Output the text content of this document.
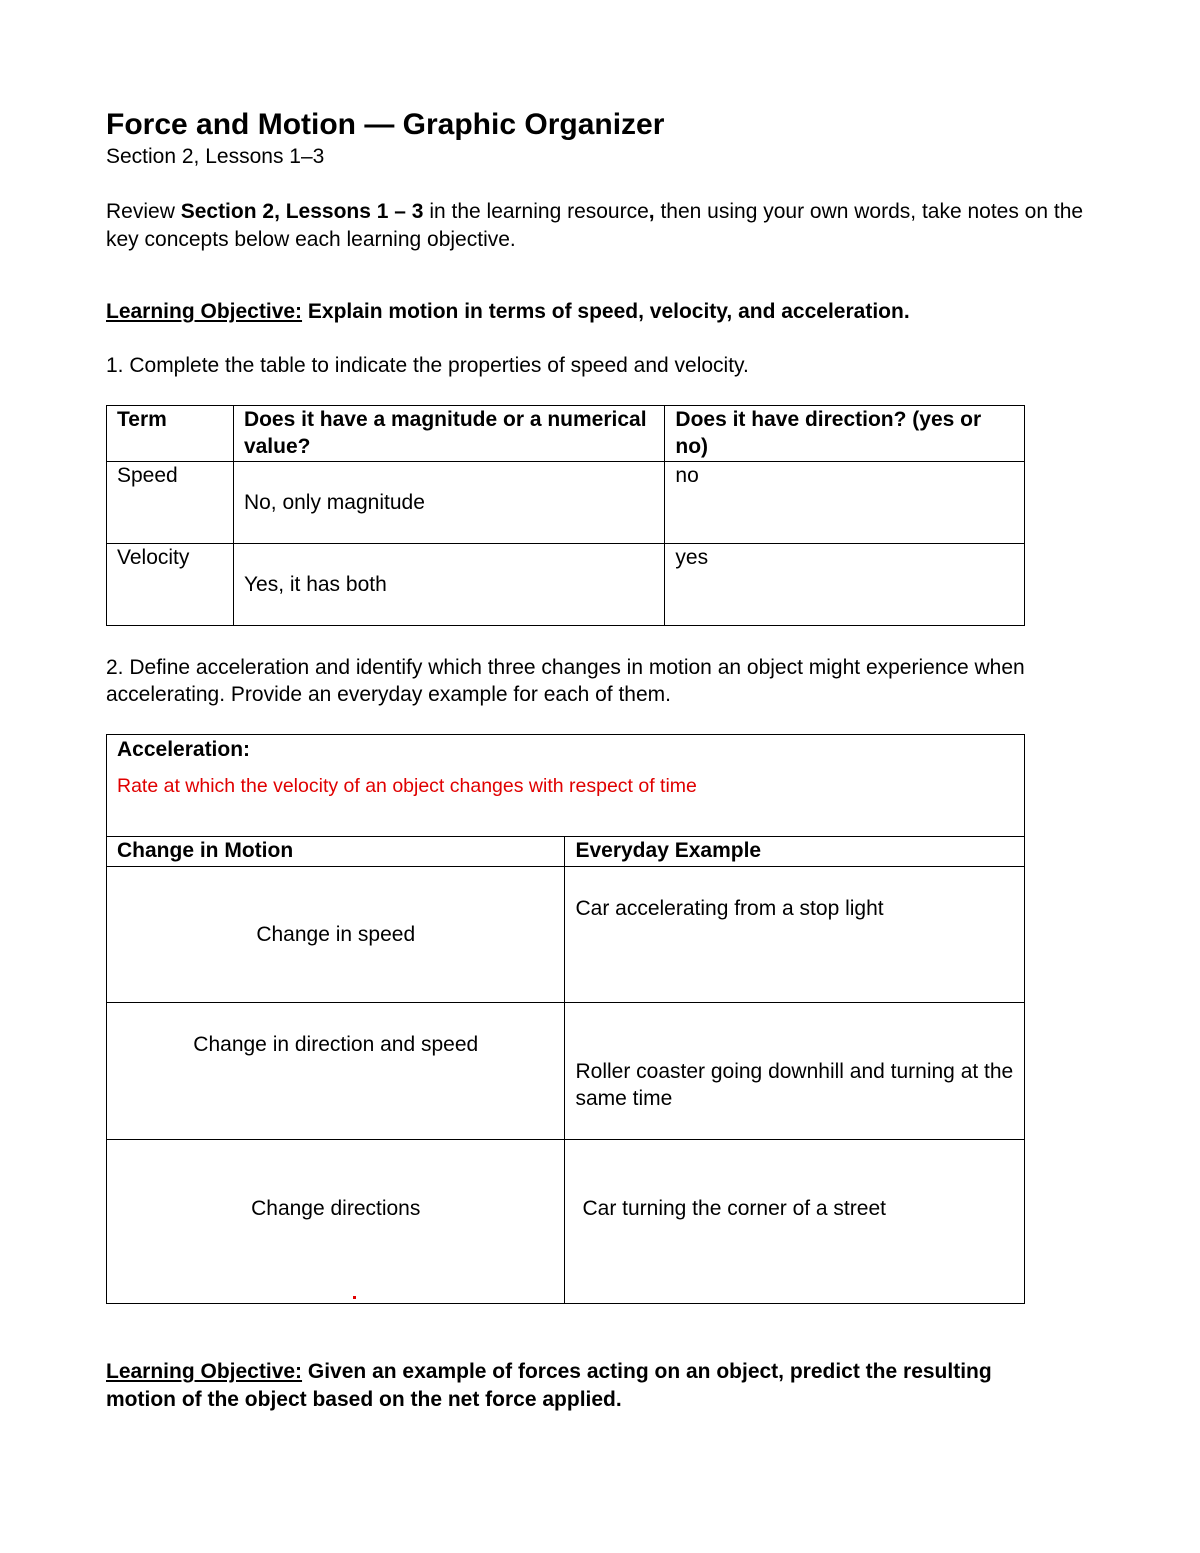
Force and Motion — Graphic Organizer
Section 2, Lessons 1–3
Review Section 2, Lessons 1 – 3 in the learning resource, then using your own words, take notes on the key concepts below each learning objective.
Learning Objective: Explain motion in terms of speed, velocity, and acceleration.
1. Complete the table to indicate the properties of speed and velocity.
Term	Does it have a magnitude or a numerical value?	Does it have direction? (yes or no)
Speed	No, only magnitude	no
Velocity	Yes, it has both	yes
2. Define acceleration and identify which three changes in motion an object might experience when accelerating. Provide an everyday example for each of them.
Acceleration:
Rate at which the velocity of an object changes with respect of time	

Change in Motion	Everyday Example
Change in speed	Car accelerating from a stop light
Change in direction and speed	Roller coaster going downhill and turning at the same time
Change directions	Car turning the corner of a street
Learning Objective: Given an example of forces acting on an object, predict the resulting motion of the object based on the net force applied.
